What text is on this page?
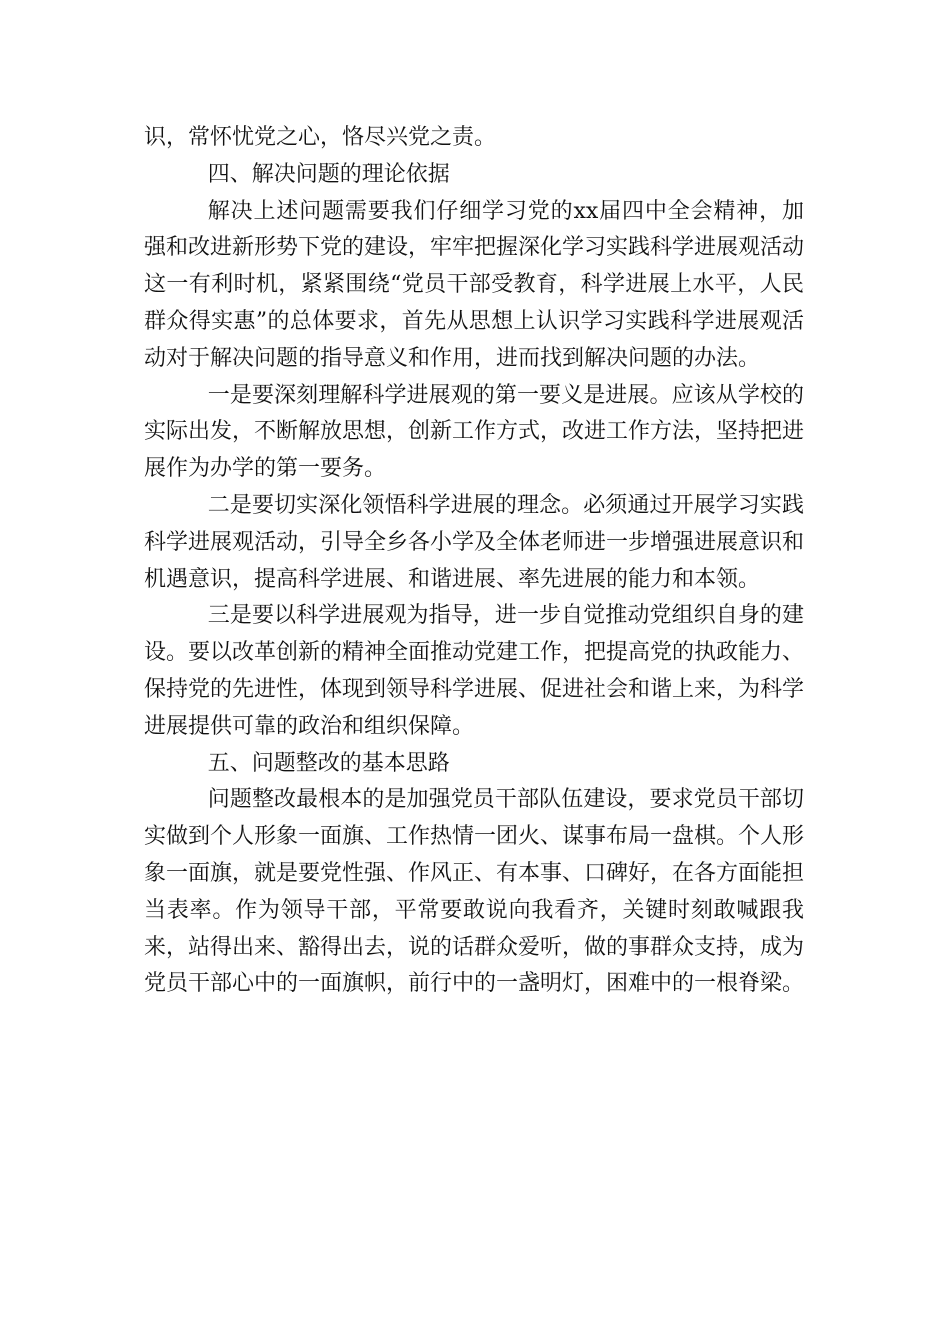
识，常怀忧党之心，恪尽兴党之责。

四、解决问题的理论依据

解决上述问题需要我们仔细学习党的xx届四中全会精神，加强和改进新形势下党的建设，牢牢把握深化学习实践科学进展观活动这一有利时机，紧紧围绕“党员干部受教育，科学进展上水平，人民群众得实惠”的总体要求，首先从思想上认识学习实践科学进展观活动对于解决问题的指导意义和作用，进而找到解决问题的办法。

一是要深刻理解科学进展观的第一要义是进展。应该从学校的实际出发，不断解放思想，创新工作方式，改进工作方法，坚持把进展作为办学的第一要务。

二是要切实深化领悟科学进展的理念。必须通过开展学习实践科学进展观活动，引导全乡各小学及全体老师进一步增强进展意识和机遇意识，提高科学进展、和谐进展、率先进展的能力和本领。

三是要以科学进展观为指导，进一步自觉推动党组织自身的建设。要以改革创新的精神全面推动党建工作，把提高党的执政能力、保持党的先进性，体现到领导科学进展、促进社会和谐上来，为科学进展提供可靠的政治和组织保障。

五、问题整改的基本思路

问题整改最根本的是加强党员干部队伍建设，要求党员干部切实做到个人形象一面旗、工作热情一团火、谋事布局一盘棋。个人形象一面旗，就是要党性强、作风正、有本事、口碑好，在各方面能担当表率。作为领导干部，平常要敢说向我看齐，关键时刻敢喊跟我来，站得出来、豁得出去，说的话群众爱听，做的事群众支持，成为党员干部心中的一面旗帜，前行中的一盏明灯，困难中的一根脊梁。
